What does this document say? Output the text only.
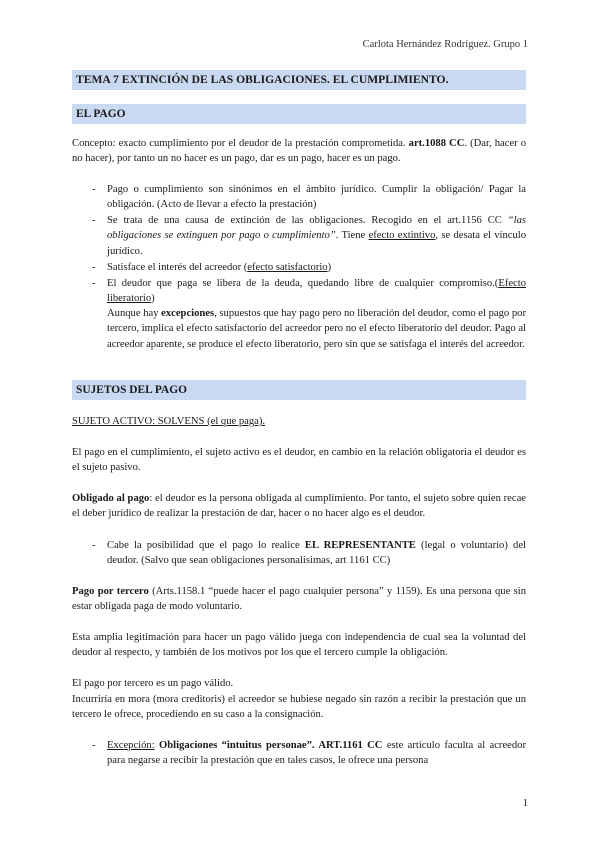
Carlota Hernández Rodríguez. Grupo 1
TEMA 7 EXTINCIÓN DE LAS OBLIGACIONES. EL CUMPLIMIENTO.
EL PAGO
Concepto: exacto cumplimiento por el deudor de la prestación comprometida. art.1088 CC. (Dar, hacer o no hacer), por tanto un no hacer es un pago, dar es un pago, hacer es un pago.
- Pago o cumplimiento son sinónimos en el ámbito jurídico. Cumplir la obligación/ Pagar la obligación. (Acto de llevar a efecto la prestación)
- Se trata de una causa de extinción de las obligaciones. Recogido en el art.1156 CC “las obligaciones se extinguen por pago o cumplimiento”. Tiene efecto extintivo, se desata el vínculo jurídico.
- Satisface el interés del acreedor (efecto satisfactorio)
- El deudor que paga se libera de la deuda, quedando libre de cualquier compromiso.(Efecto liberatorio)
Aunque hay excepciones, supuestos que hay pago pero no liberación del deudor, como el pago por tercero, implica el efecto satisfactorio del acreedor pero no el efecto liberatorio del deudor. Pago al acreedor aparente, se produce el efecto liberatorio, pero sin que se satisfaga el interés del acreedor.
SUJETOS DEL PAGO
SUJETO ACTIVO: SOLVENS (el que paga).
El pago en el cumplimiento, el sujeto activo es el deudor, en cambio en la relación obligatoria el deudor es el sujeto pasivo.
Obligado al pago: el deudor es la persona obligada al cumplimiento. Por tanto, el sujeto sobre quien recae el deber jurídico de realizar la prestación de dar, hacer o no hacer algo es el deudor.
- Cabe la posibilidad que el pago lo realice EL REPRESENTANTE (legal o voluntario) del deudor. (Salvo que sean obligaciones personalísimas, art 1161 CC)
Pago por tercero (Arts.1158.1 “puede hacer el pago cualquier persona” y 1159). Es una persona que sin estar obligada paga de modo voluntario.
Esta amplia legitimación para hacer un pago válido juega con independencia de cual sea la voluntad del deudor al respecto, y también de los motivos por los que el tercero cumple la obligación.
El pago por tercero es un pago válido.
Incurriría en mora (mora creditoris) el acreedor se hubiese negado sin razón a recibir la prestación que un tercero le ofrece, procediendo en su caso a la consignación.
- Excepción: Obligaciones “intuitus personae”. ART.1161 CC este artículo faculta al acreedor para negarse a recibir la prestación que en tales casos, le ofrece una persona
1
